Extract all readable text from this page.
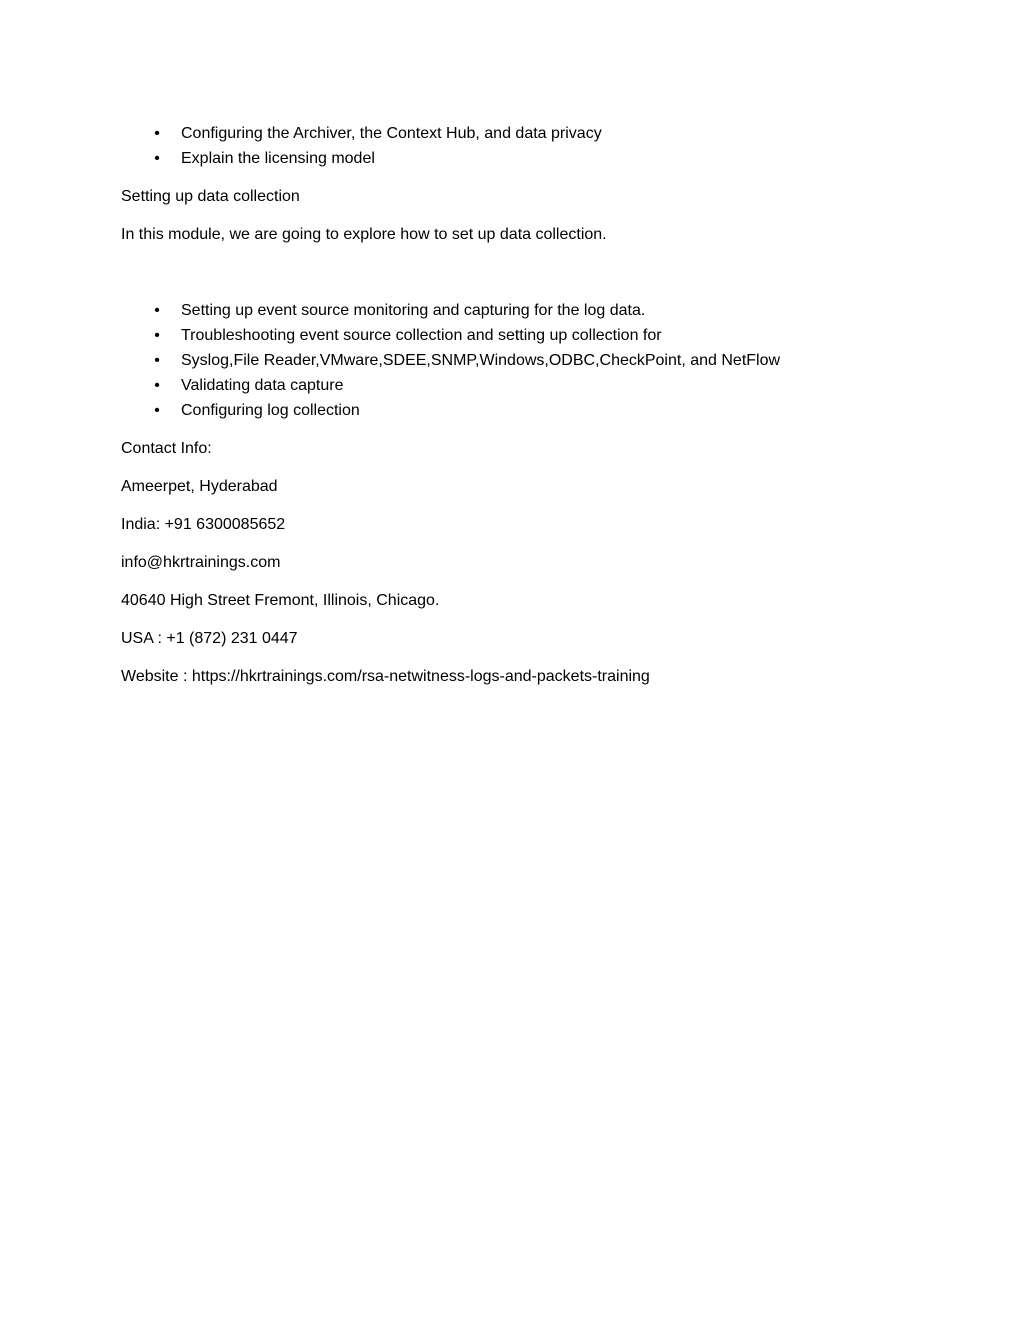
• Configuring the Archiver, the Context Hub, and data privacy
• Explain the licensing model

Setting up data collection

In this module, we are going to explore how to set up data collection.

• Setting up event source monitoring and capturing for the log data.
• Troubleshooting event source collection and setting up collection for
• Syslog,File Reader,VMware,SDEE,SNMP,Windows,ODBC,CheckPoint, and NetFlow
• Validating data capture
• Configuring log collection

Contact Info:

Ameerpet, Hyderabad

India: +91 6300085652

info@hkrtrainings.com

40640 High Street Fremont, Illinois, Chicago.

USA : +1 (872) 231 0447

Website : https://hkrtrainings.com/rsa-netwitness-logs-and-packets-training
